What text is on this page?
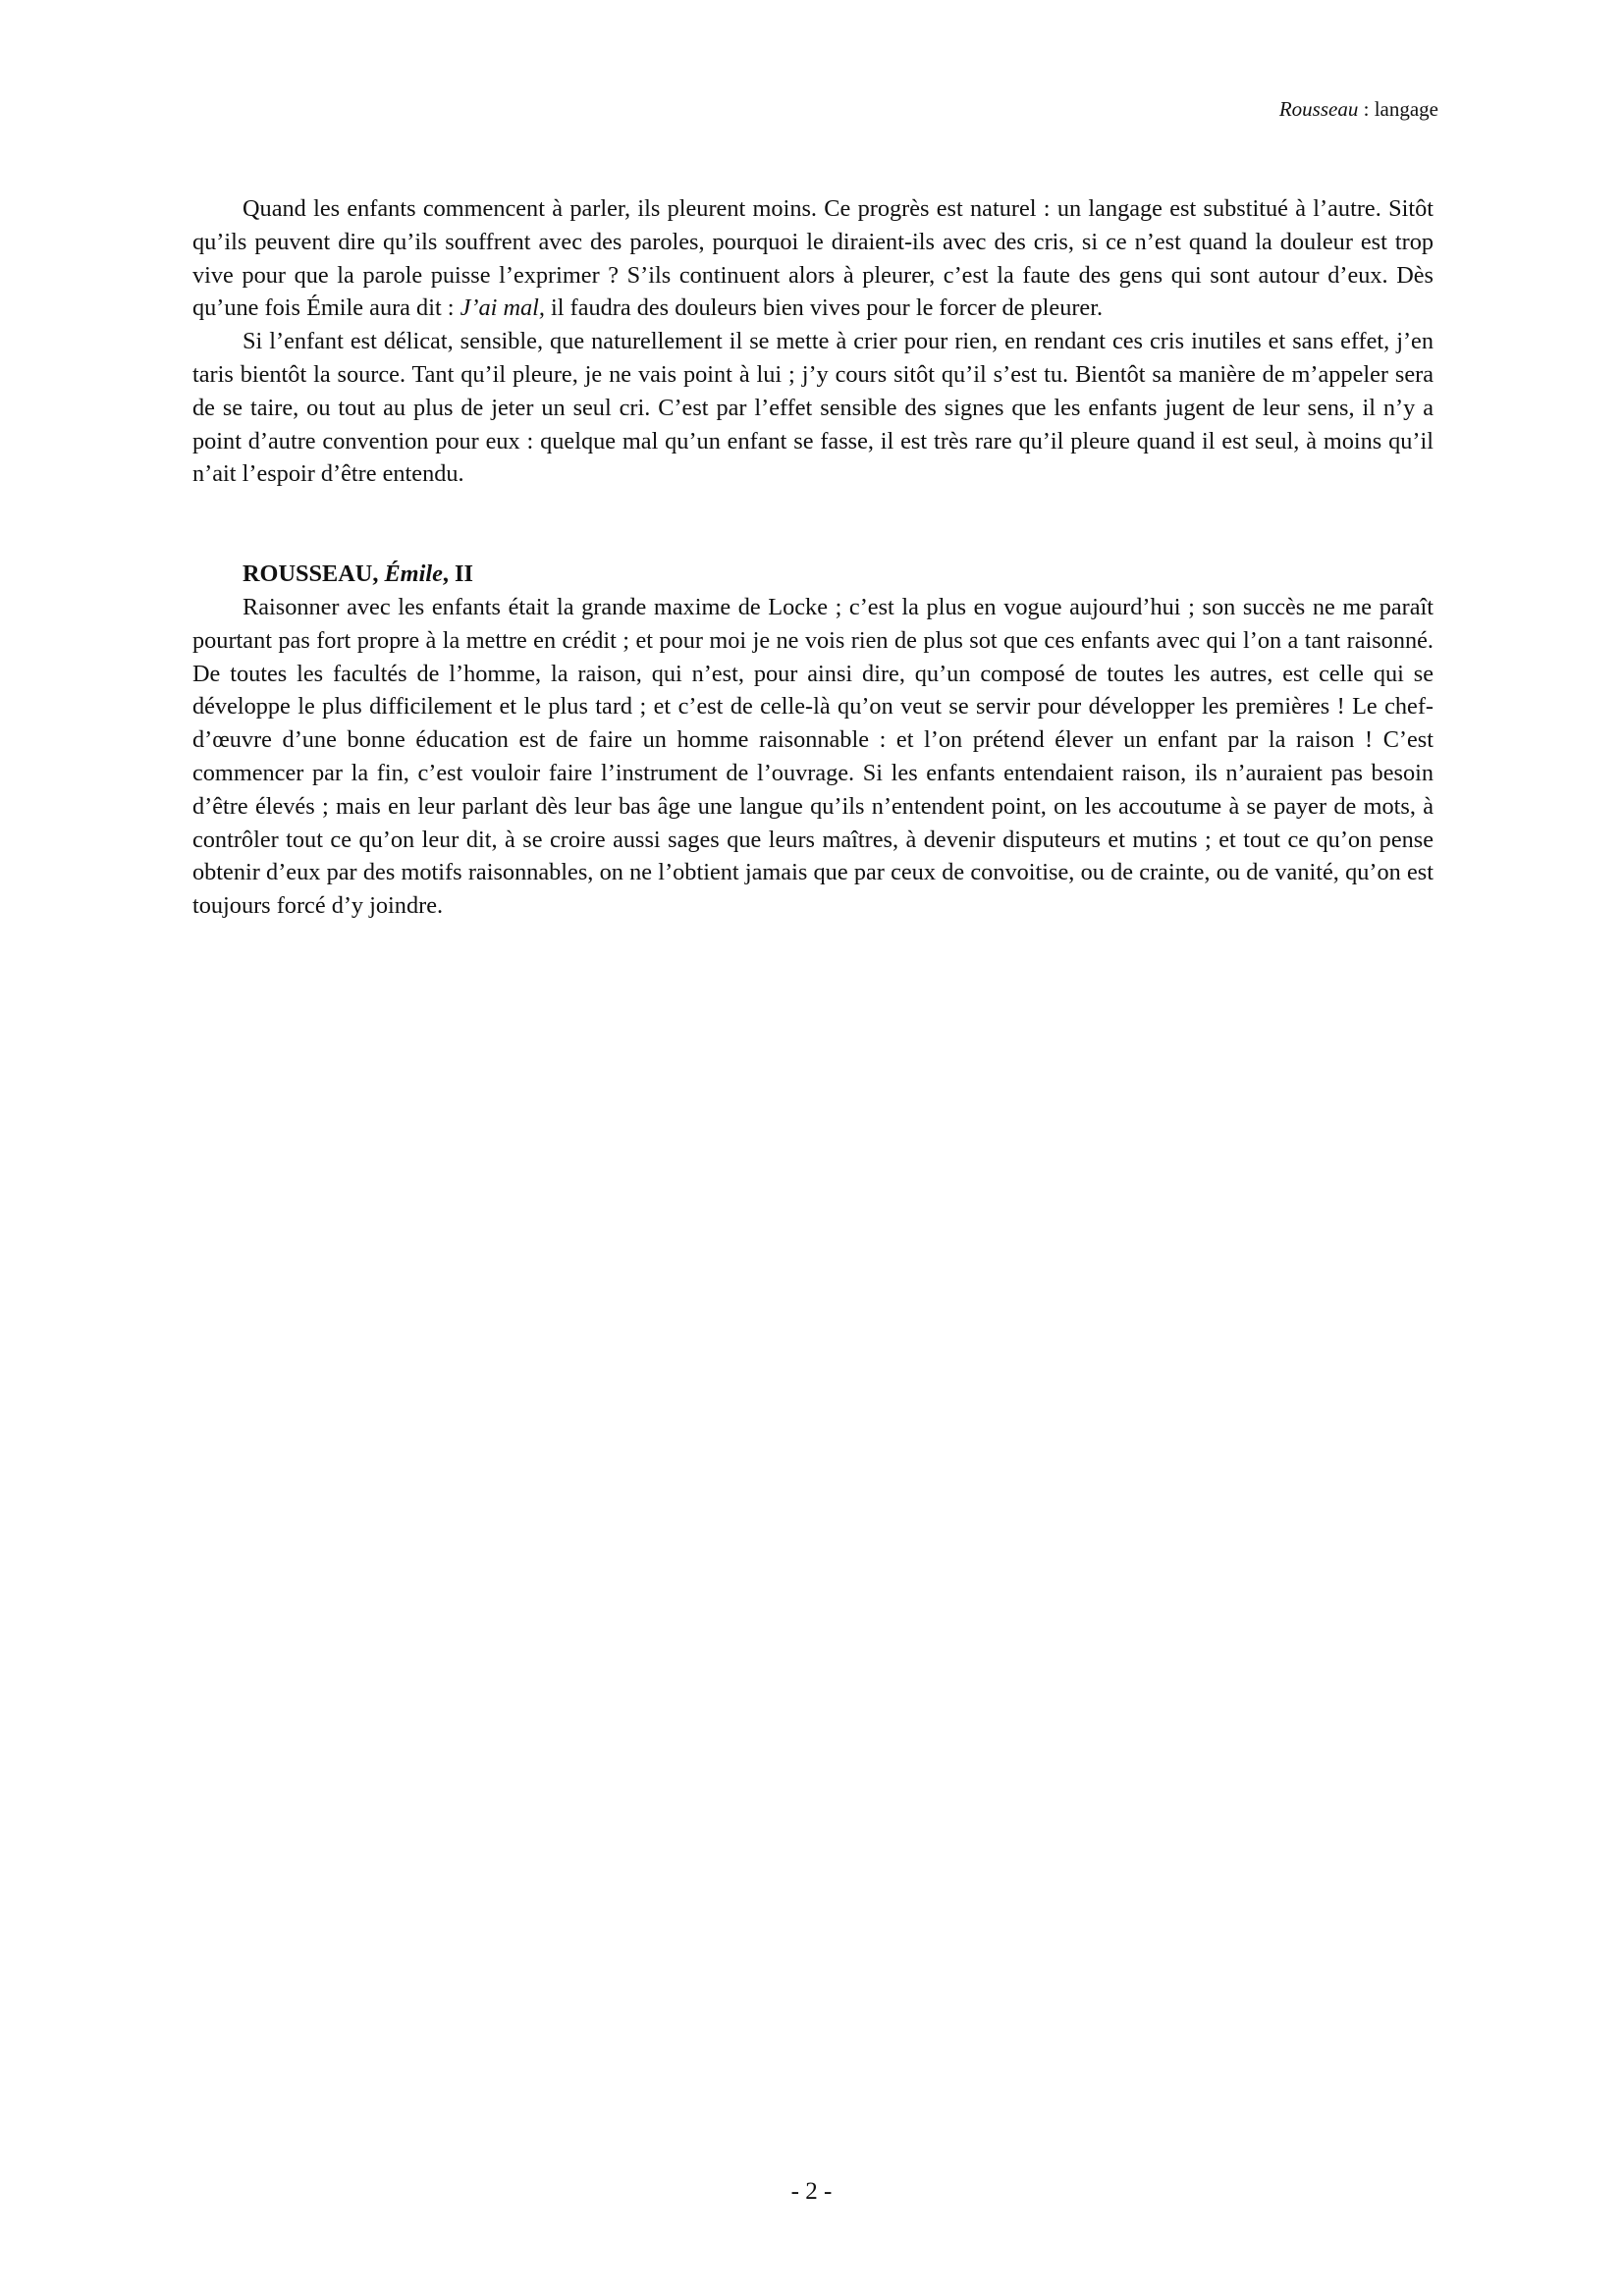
Rousseau : langage

Quand les enfants commencent à parler, ils pleurent moins. Ce progrès est naturel : un langage est substitué à l’autre. Sitôt qu’ils peuvent dire qu’ils souffrent avec des paroles, pourquoi le diraient-ils avec des cris, si ce n’est quand la douleur est trop vive pour que la parole puisse l’exprimer ? S’ils continuent alors à pleurer, c’est la faute des gens qui sont autour d’eux. Dès qu’une fois Émile aura dit : J’ai mal, il faudra des douleurs bien vives pour le forcer de pleurer.

Si l’enfant est délicat, sensible, que naturellement il se mette à crier pour rien, en rendant ces cris inutiles et sans effet, j’en taris bientôt la source. Tant qu’il pleure, je ne vais point à lui ; j’y cours sitôt qu’il s’est tu. Bientôt sa manière de m’appeler sera de se taire, ou tout au plus de jeter un seul cri. C’est par l’effet sensible des signes que les enfants jugent de leur sens, il n’y a point d’autre convention pour eux : quelque mal qu’un enfant se fasse, il est très rare qu’il pleure quand il est seul, à moins qu’il n’ait l’espoir d’être entendu.

ROUSSEAU, Émile, II

Raisonner avec les enfants était la grande maxime de Locke ; c’est la plus en vogue aujourd’hui ; son succès ne me paraît pourtant pas fort propre à la mettre en crédit ; et pour moi je ne vois rien de plus sot que ces enfants avec qui l’on a tant raisonné. De toutes les facultés de l’homme, la raison, qui n’est, pour ainsi dire, qu’un composé de toutes les autres, est celle qui se développe le plus difficilement et le plus tard ; et c’est de celle-là qu’on veut se servir pour développer les premières ! Le chef-d’œuvre d’une bonne éducation est de faire un homme raisonnable : et l’on prétend élever un enfant par la raison ! C’est commencer par la fin, c’est vouloir faire l’instrument de l’ouvrage. Si les enfants entendaient raison, ils n’auraient pas besoin d’être élevés ; mais en leur parlant dès leur bas âge une langue qu’ils n’entendent point, on les accoutume à se payer de mots, à contrôler tout ce qu’on leur dit, à se croire aussi sages que leurs maîtres, à devenir disputeurs et mutins ; et tout ce qu’on pense obtenir d’eux par des motifs raisonnables, on ne l’obtient jamais que par ceux de convoitise, ou de crainte, ou de vanité, qu’on est toujours forcé d’y joindre.

- 2 -
